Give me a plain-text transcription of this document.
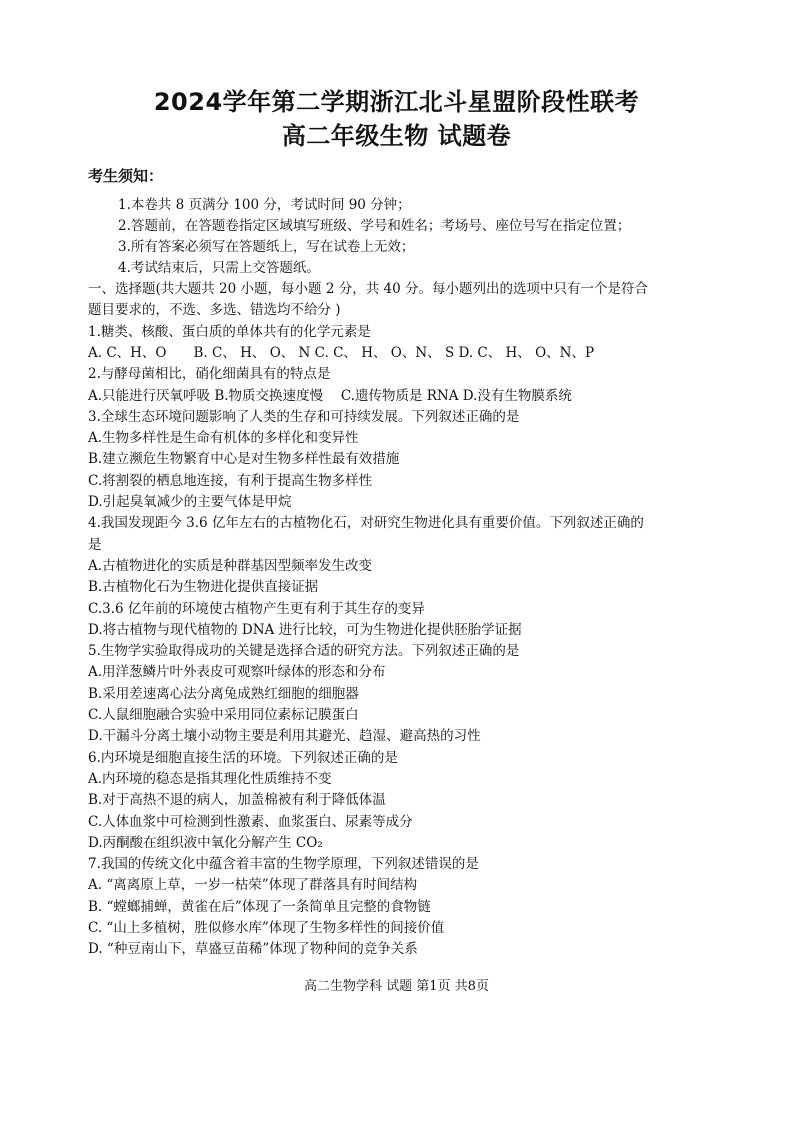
2024学年第二学期浙江北斗星盟阶段性联考
高二年级生物 试题卷
考生须知：
1.本卷共 8 页满分 100 分，考试时间 90 分钟；
2.答题前，在答题卷指定区域填写班级、学号和姓名；考场号、座位号写在指定位置；
3.所有答案必须写在答题纸上，写在试卷上无效；
4.考试结束后，只需上交答题纸。
一、选择题(共大题共 20 小题，每小题 2 分，共 40 分。每小题列出的选项中只有一个是符合
题目要求的，不选、多选、错选均不给分 )
1.糖类、核酸、蛋白质的单体共有的化学元素是
A. C、H、O　　B. C、 H、 O、 N C. C、 H、 O、N、 S D. C、 H、 O、N、P
2.与酵母菌相比，硝化细菌具有的特点是
A.只能进行厌氧呼吸 B.物质交换速度慢　 C.遗传物质是 RNA D.没有生物膜系统
3.全球生态环境问题影响了人类的生存和可持续发展。下列叙述正确的是
A.生物多样性是生命有机体的多样化和变异性
B.建立濒危生物繁育中心是对生物多样性最有效措施
C.将割裂的栖息地连接，有利于提高生物多样性
D.引起臭氧减少的主要气体是甲烷
4.我国发现距今 3.6 亿年左右的古植物化石，对研究生物进化具有重要价值。下列叙述正确的
是
A.古植物进化的实质是种群基因型频率发生改变
B.古植物化石为生物进化提供直接证据
C.3.6 亿年前的环境使古植物产生更有利于其生存的变异
D.将古植物与现代植物的 DNA 进行比较，可为生物进化提供胚胎学证据
5.生物学实验取得成功的关键是选择合适的研究方法。下列叙述正确的是
A.用洋葱鳞片叶外表皮可观察叶绿体的形态和分布
B.采用差速离心法分离兔成熟红细胞的细胞器
C.人鼠细胞融合实验中采用同位素标记膜蛋白
D.干漏斗分离土壤小动物主要是利用其避光、趋湿、避高热的习性
6.内环境是细胞直接生活的环境。下列叙述正确的是
A.内环境的稳态是指其理化性质维持不变
B.对于高热不退的病人，加盖棉被有利于降低体温
C.人体血浆中可检测到性激素、血浆蛋白、尿素等成分
D.丙酮酸在组织液中氧化分解产生 CO₂
7.我国的传统文化中蕴含着丰富的生物学原理，下列叙述错误的是
A. “离离原上草，一岁一枯荣”体现了群落具有时间结构
B. “螳螂捕蝉，黄雀在后”体现了一条简单且完整的食物链
C. “山上多植树，胜似修水库”体现了生物多样性的间接价值
D. “种豆南山下，草盛豆苗稀”体现了物种间的竞争关系
高二生物学科 试题 第1页 共8页
